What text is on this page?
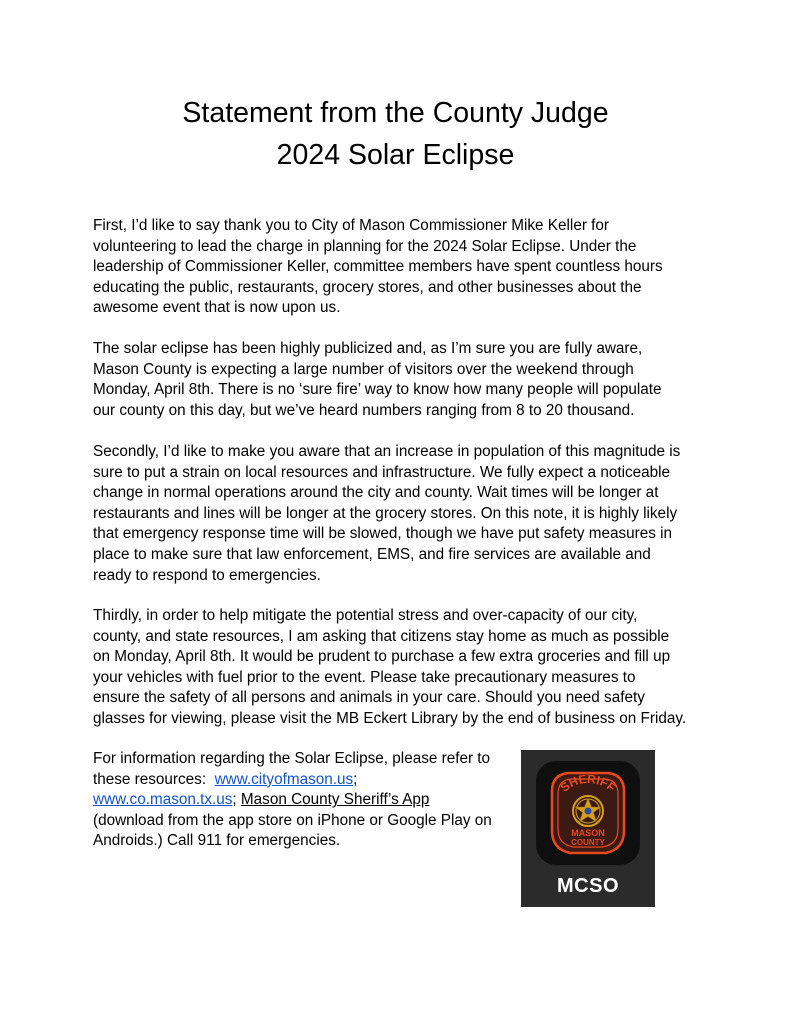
Statement from the County Judge
2024 Solar Eclipse
First, I’d like to say thank you to City of Mason Commissioner Mike Keller for
volunteering to lead the charge in planning for the 2024 Solar Eclipse. Under the
leadership of Commissioner Keller, committee members have spent countless hours
educating the public, restaurants, grocery stores, and other businesses about the
awesome event that is now upon us.
The solar eclipse has been highly publicized and, as I’m sure you are fully aware,
Mason County is expecting a large number of visitors over the weekend through
Monday, April 8th. There is no ‘sure fire’ way to know how many people will populate
our county on this day, but we’ve heard numbers ranging from 8 to 20 thousand.
Secondly, I’d like to make you aware that an increase in population of this magnitude is
sure to put a strain on local resources and infrastructure. We fully expect a noticeable
change in normal operations around the city and county. Wait times will be longer at
restaurants and lines will be longer at the grocery stores. On this note, it is highly likely
that emergency response time will be slowed, though we have put safety measures in
place to make sure that law enforcement, EMS, and fire services are available and
ready to respond to emergencies.
Thirdly, in order to help mitigate the potential stress and over-capacity of our city,
county, and state resources, I am asking that citizens stay home as much as possible
on Monday, April 8th. It would be prudent to purchase a few extra groceries and fill up
your vehicles with fuel prior to the event. Please take precautionary measures to
ensure the safety of all persons and animals in your care. Should you need safety
glasses for viewing, please visit the MB Eckert Library by the end of business on Friday.
For information regarding the Solar Eclipse, please refer to
these resources:  www.cityofmason.us;
www.co.mason.tx.us; Mason County Sheriff’s App
(download from the app store on iPhone or Google Play on
Androids.) Call 911 for emergencies.
SHERIFF
MASON
COUNTY
MCSO
